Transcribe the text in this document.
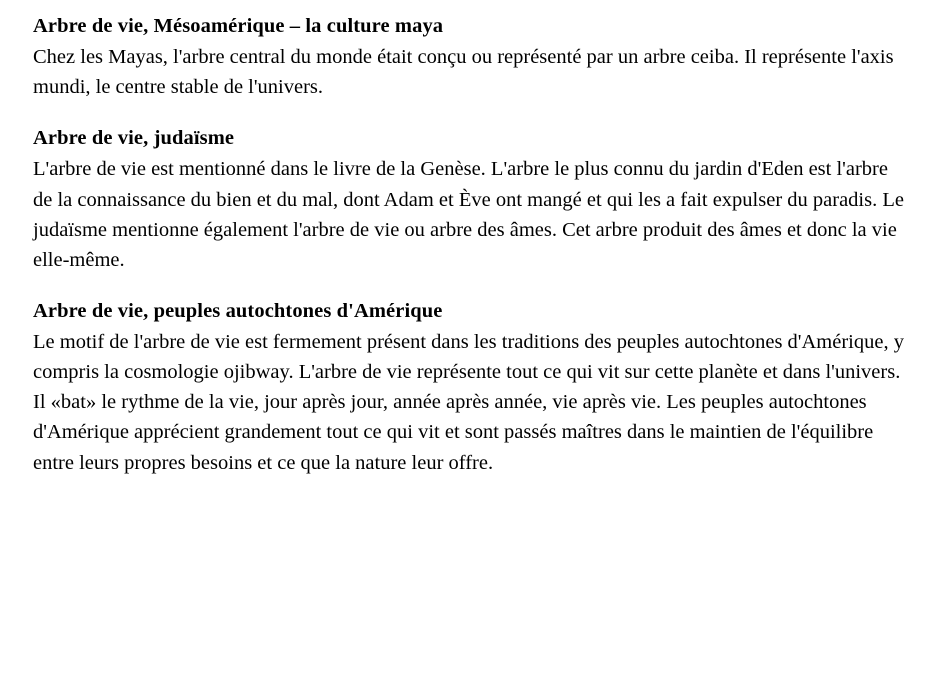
Arbre de vie, Mésoamérique – la culture maya

Chez les Mayas, l'arbre central du monde était conçu ou représenté par un arbre ceiba. Il représente l'axis mundi, le centre stable de l'univers.

Arbre de vie, judaïsme

L'arbre de vie est mentionné dans le livre de la Genèse. L'arbre le plus connu du jardin d'Eden est l'arbre de la connaissance du bien et du mal, dont Adam et Ève ont mangé et qui les a fait expulser du paradis. Le judaïsme mentionne également l'arbre de vie ou arbre des âmes. Cet arbre produit des âmes et donc la vie elle-même.

Arbre de vie, peuples autochtones d'Amérique

Le motif de l'arbre de vie est fermement présent dans les traditions des peuples autochtones d'Amérique, y compris la cosmologie ojibway. L'arbre de vie représente tout ce qui vit sur cette planète et dans l'univers. Il «bat» le rythme de la vie, jour après jour, année après année, vie après vie. Les peuples autochtones d'Amérique apprécient grandement tout ce qui vit et sont passés maîtres dans le maintien de l'équilibre entre leurs propres besoins et ce que la nature leur offre.
